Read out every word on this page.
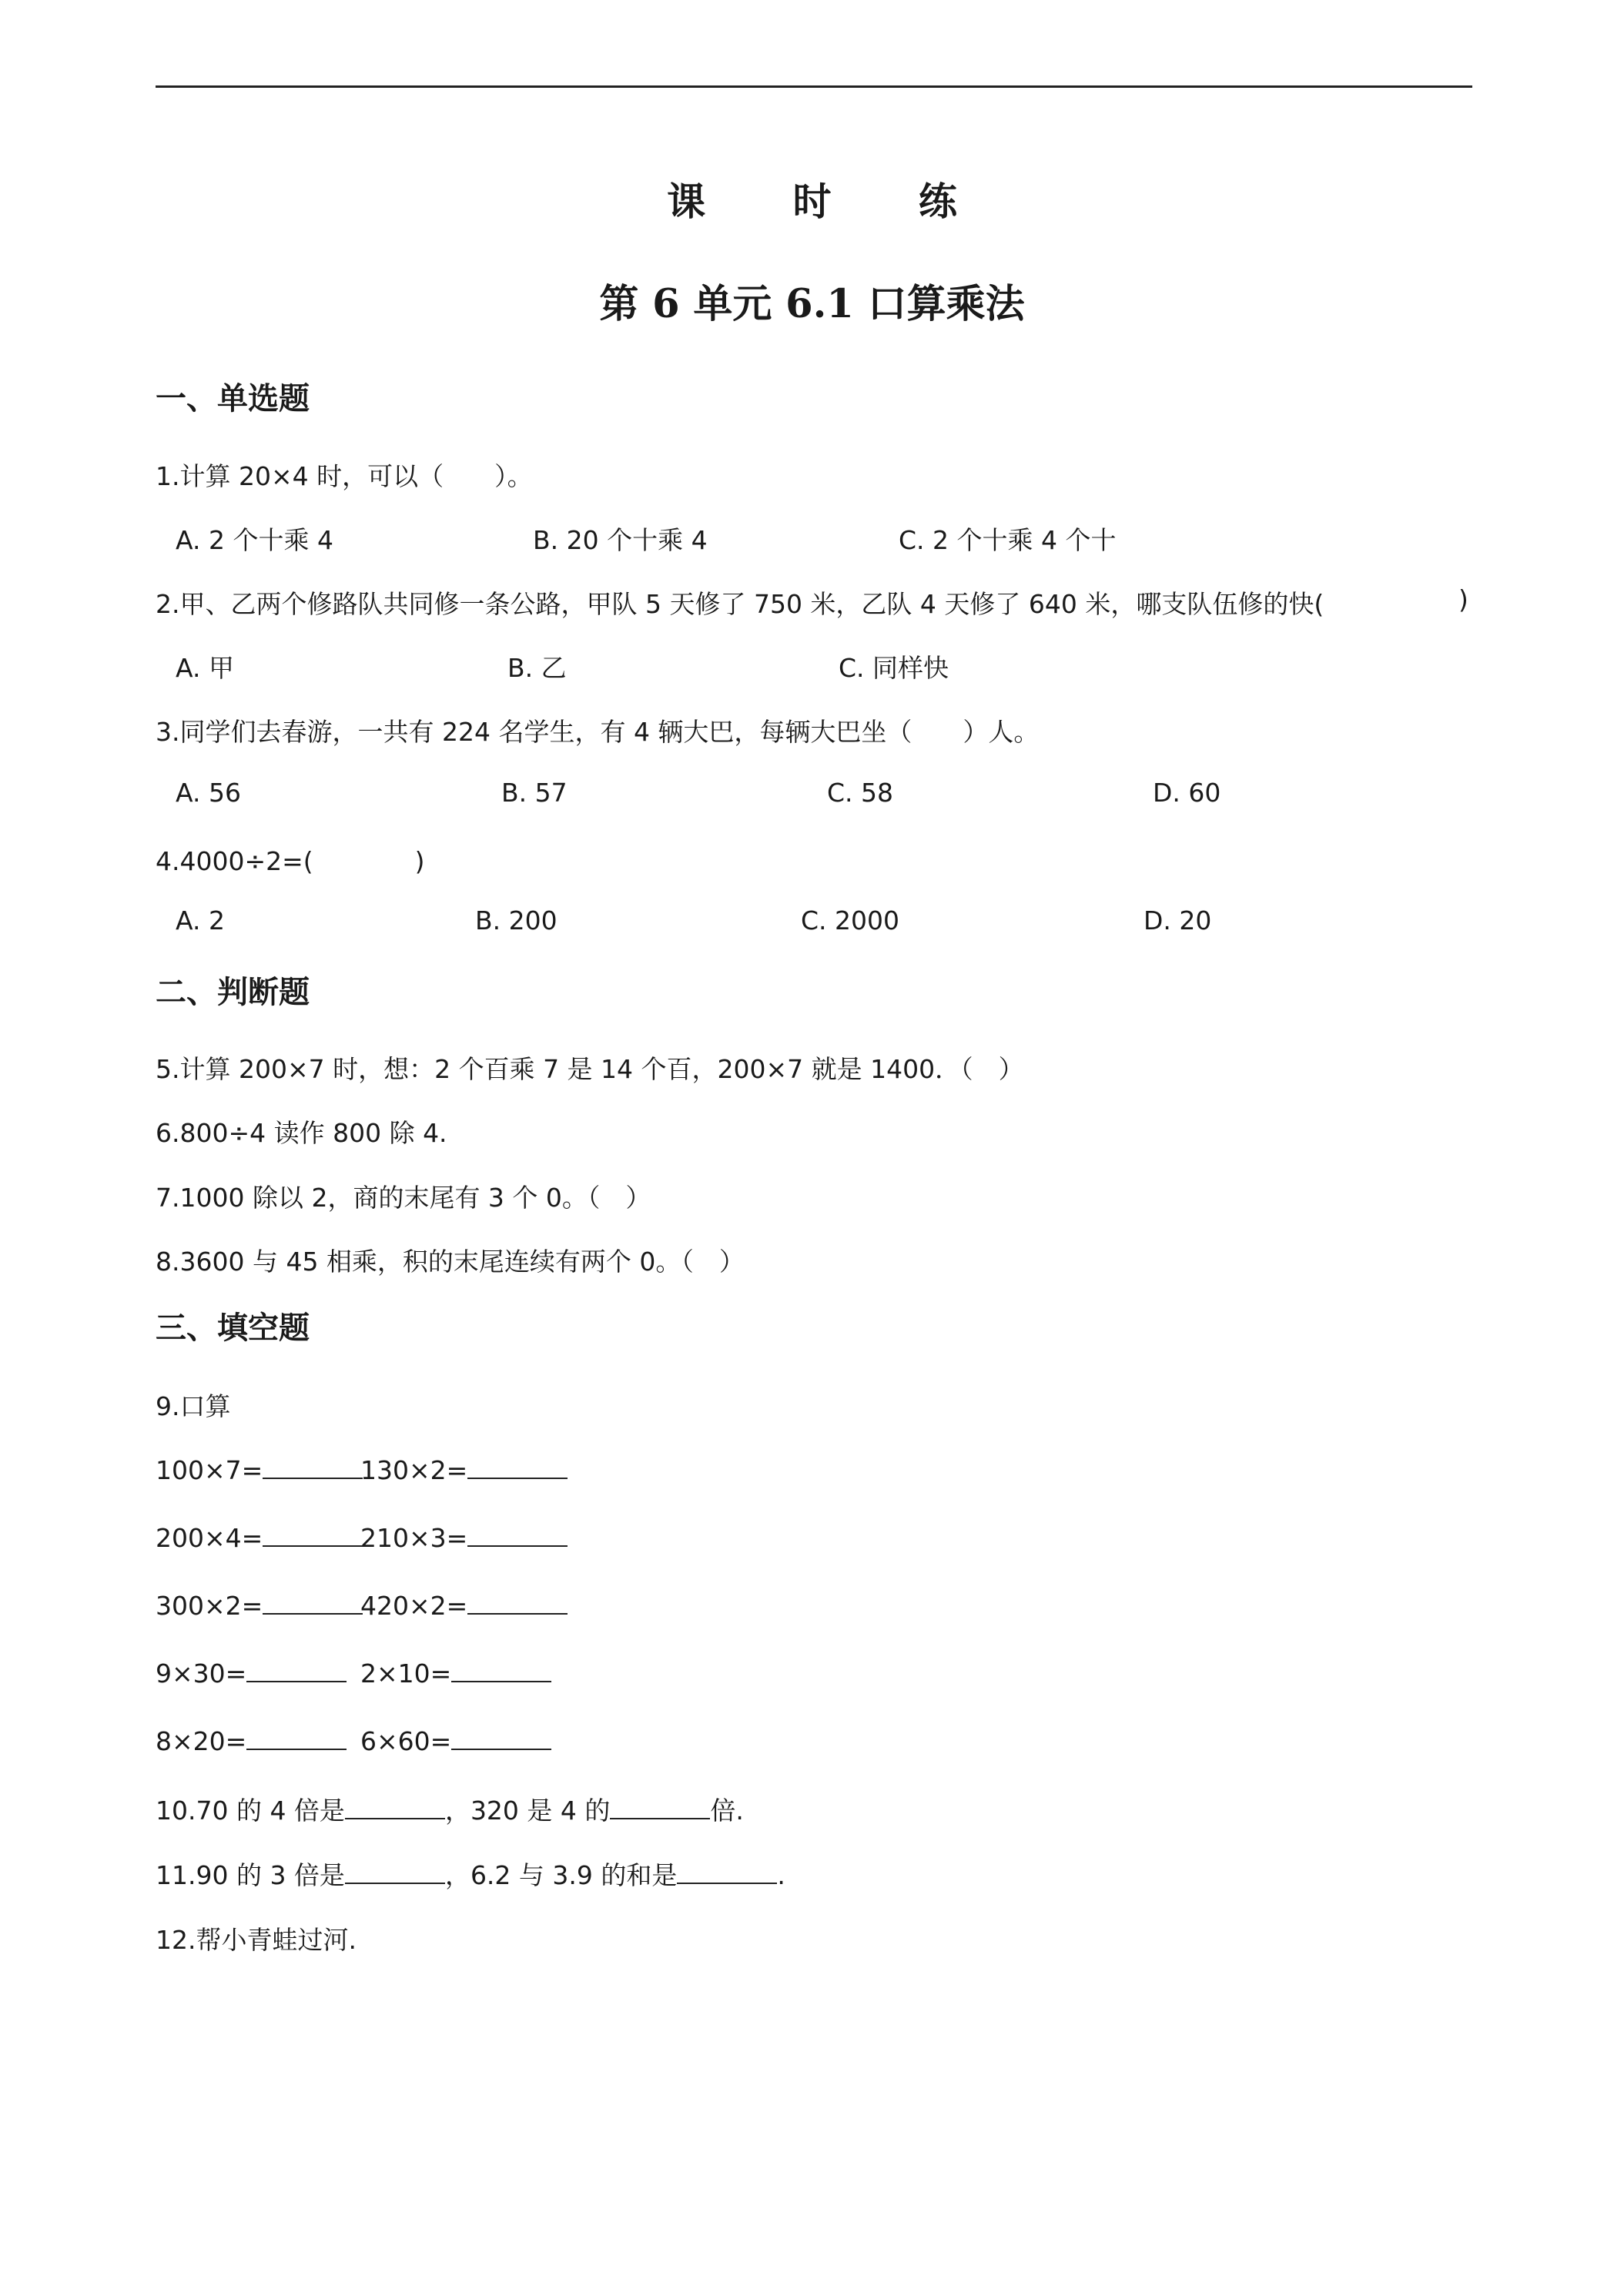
课 时 练
第 6 单元 6.1 口算乘法
一、单选题
1.计算 20×4 时，可以（　　）。
A. 2 个十乘 4	B. 20 个十乘 4	C. 2 个十乘 4 个十
2.甲、乙两个修路队共同修一条公路，甲队 5 天修了 750 米，乙队 4 天修了 640 米，哪支队伍修的快(	)
A. 甲	B. 乙	C. 同样快
3.同学们去春游，一共有 224 名学生，有 4 辆大巴，每辆大巴坐（　　）人。
A. 56	B. 57	C. 58	D. 60
4.4000÷2=(　　　　)
A. 2	B. 200	C. 2000	D. 20
二、判断题
5.计算 200×7 时，想：2 个百乘 7 是 14 个百，200×7 就是 1400．（　）
6.800÷4 读作 800 除 4.
7.1000 除以 2，商的末尾有 3 个 0。（　）
8.3600 与 45 相乘，积的末尾连续有两个 0。（　）
三、填空题
9.口算
100×7=	130×2=
200×4=	210×3=
300×2=	420×2=
9×30=	2×10=
8×20=	6×60=
10.70 的 4 倍是	，320 是 4 的	倍.
11.90 的 3 倍是	，6.2 与 3.9 的和是	.
12.帮小青蛙过河.
